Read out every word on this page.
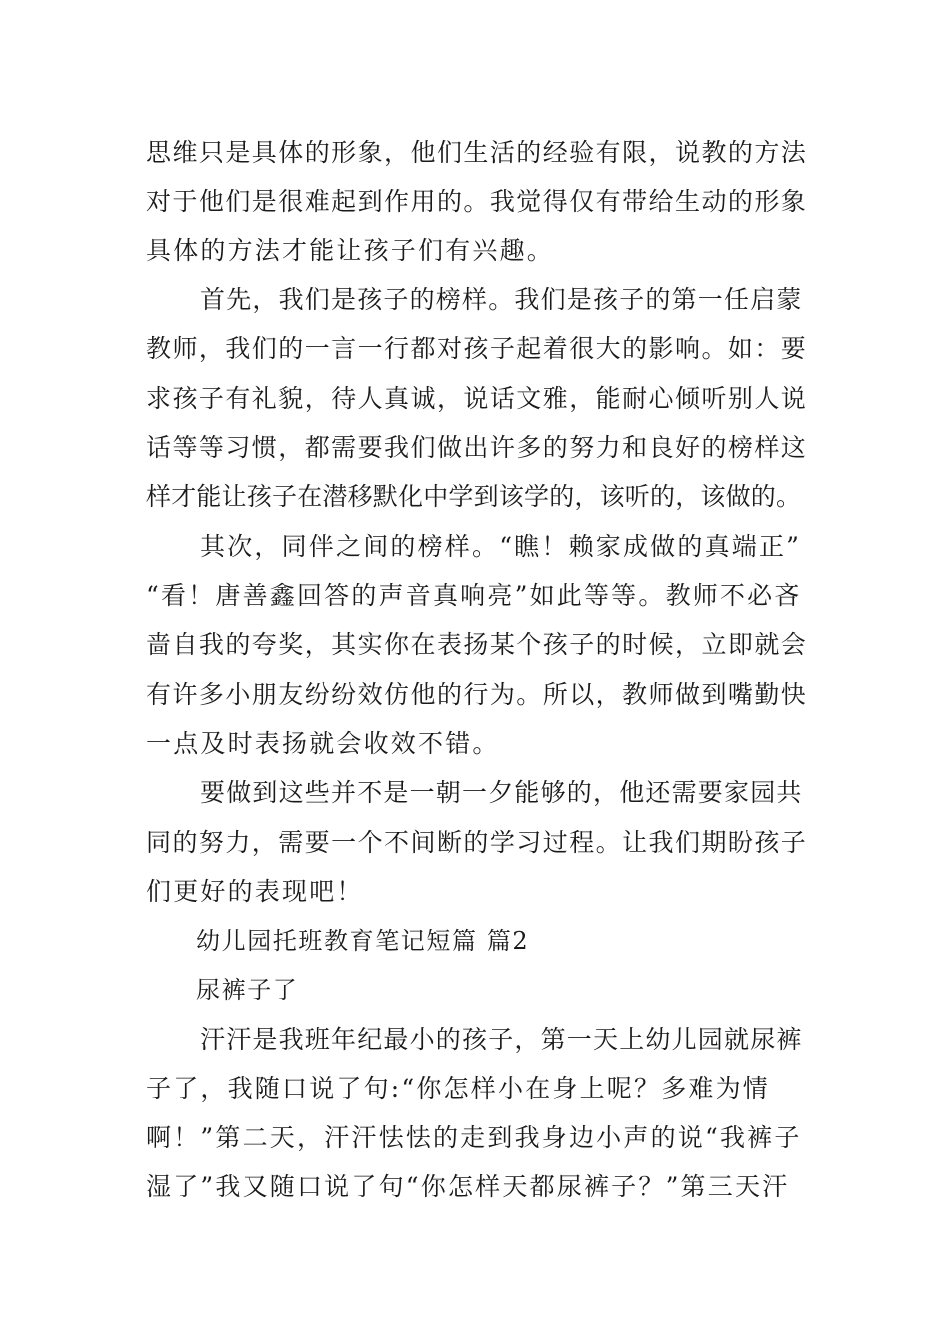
思维只是具体的形象，他们生活的经验有限，说教的方法
对于他们是很难起到作用的。我觉得仅有带给生动的形象
具体的方法才能让孩子们有兴趣。
首先，我们是孩子的榜样。我们是孩子的第一任启蒙
教师，我们的一言一行都对孩子起着很大的影响。如：要
求孩子有礼貌，待人真诚，说话文雅，能耐心倾听别人说
话等等习惯，都需要我们做出许多的努力和良好的榜样这
样才能让孩子在潜移默化中学到该学的，该听的，该做的。
其次，同伴之间的榜样。“瞧！赖家成做的真端正”
“看！唐善鑫回答的声音真响亮”如此等等。教师不必吝
啬自我的夸奖，其实你在表扬某个孩子的时候，立即就会
有许多小朋友纷纷效仿他的行为。所以，教师做到嘴勤快
一点及时表扬就会收效不错。
要做到这些并不是一朝一夕能够的，他还需要家园共
同的努力，需要一个不间断的学习过程。让我们期盼孩子
们更好的表现吧！
幼儿园托班教育笔记短篇 篇2
尿裤子了
汗汗是我班年纪最小的孩子，第一天上幼儿园就尿裤
子了，我随口说了句:“你怎样小在身上呢？多难为情
啊！”第二天，汗汗怯怯的走到我身边小声的说“我裤子
湿了”我又随口说了句“你怎样天都尿裤子？”第三天汗
